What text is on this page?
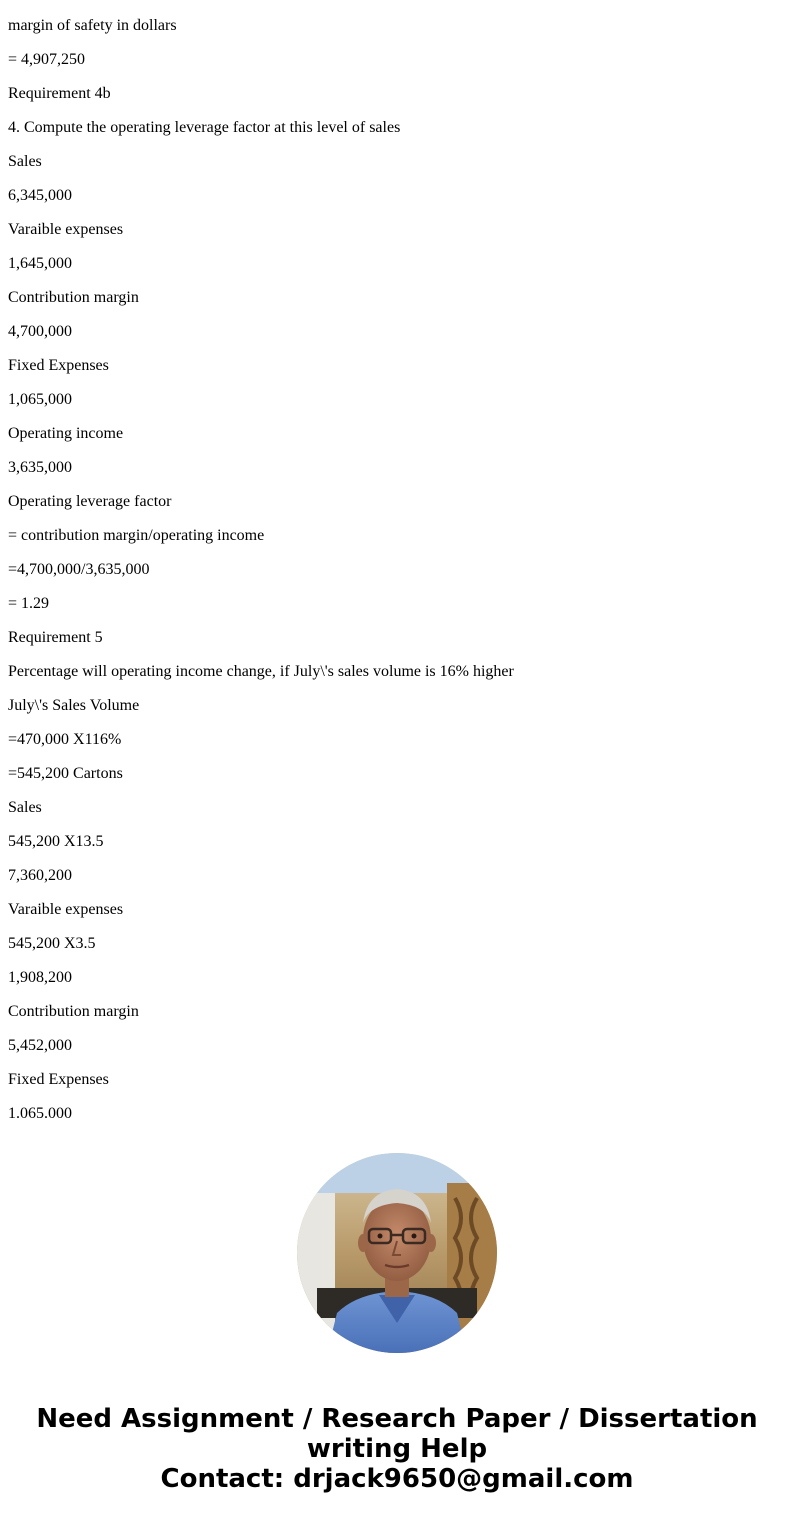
margin of safety in dollars
= 4,907,250
Requirement 4b
4. Compute the operating leverage factor at this level of sales
Sales
6,345,000
Varaible expenses
1,645,000
Contribution margin
4,700,000
Fixed Expenses
1,065,000
Operating income
3,635,000
Operating leverage factor
= contribution margin/operating income
=4,700,000/3,635,000
= 1.29
Requirement 5
Percentage will operating income change, if July\'s sales volume is 16% higher
July\'s Sales Volume
=470,000 X116%
=545,200 Cartons
Sales
545,200 X13.5
7,360,200
Varaible expenses
545,200 X3.5
1,908,200
Contribution margin
5,452,000
Fixed Expenses
1.065.000
Need Assignment / Research Paper / Dissertation
writing Help
Contact: drjack9650@gmail.com
